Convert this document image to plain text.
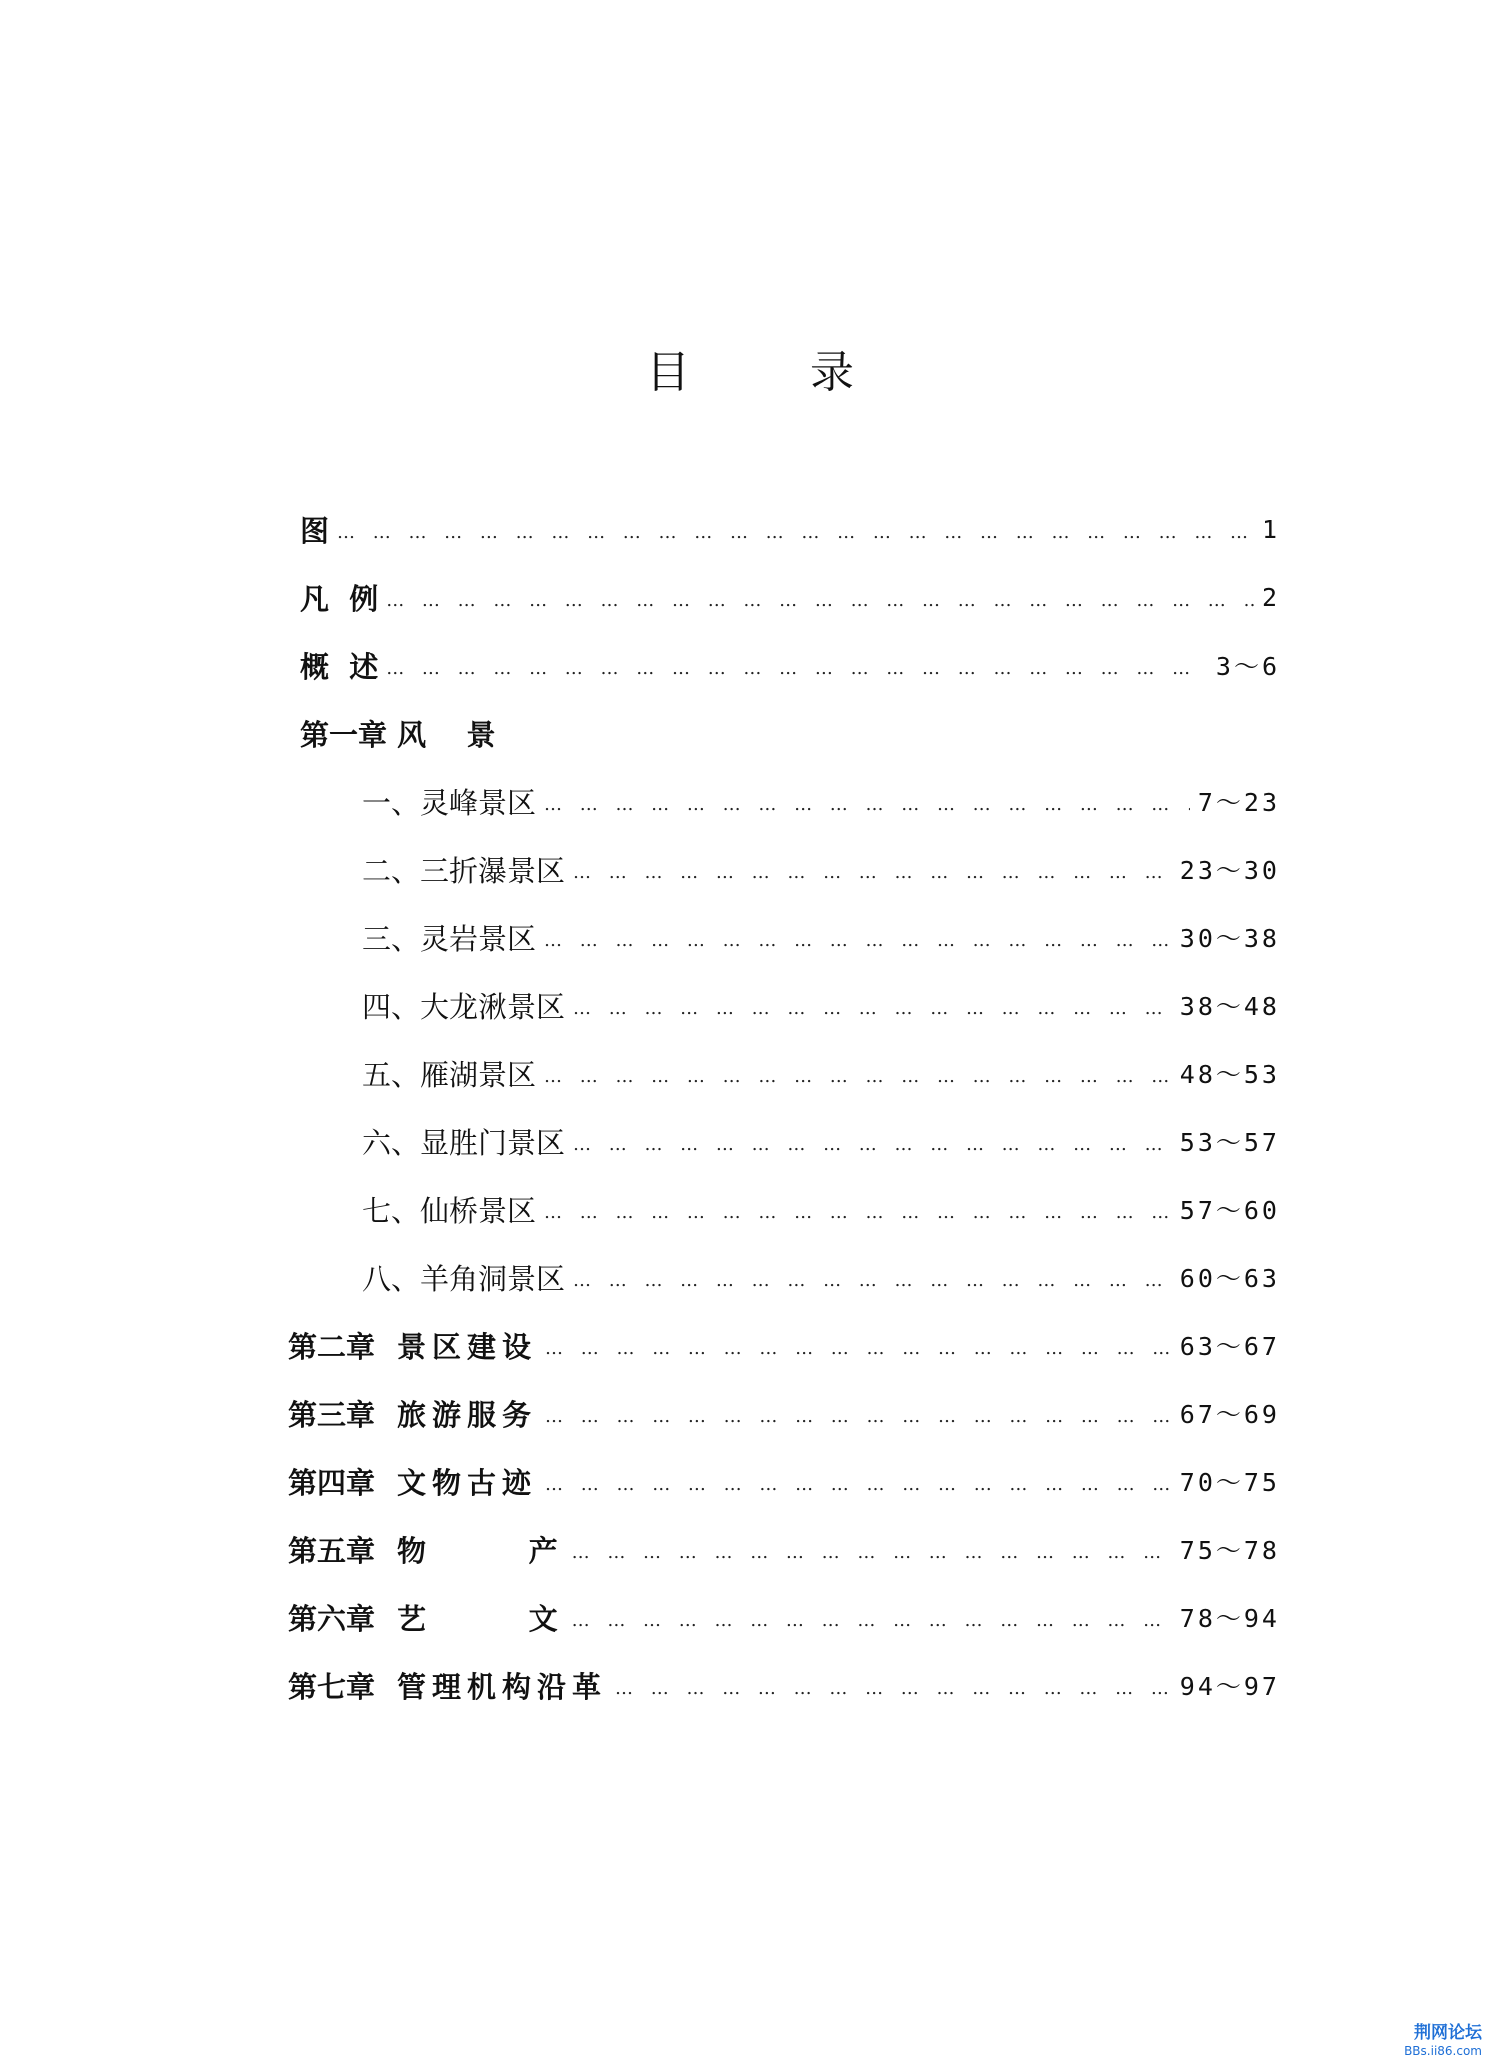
目	录
图 … … … … … … … … … … … … … … … … … … … … … … … … … … … … … … … … … … … … … … … … … … …	1
凡  例 … … … … … … … … … … … … … … … … … … … … … … … … … … … … … … … … … … … … … … … … … … …	2
概  述 … … … … … … … … … … … … … … … … … … … … … … … … … … … … … … … … … … … … … … … … … … …	3～6
第一章 风    景
一、灵峰景区 … … … … … … … … … … … … … … … … … … … … … … … … … … … … … … … … … … … … … … … … … … …	7～23
二、三折瀑景区 … … … … … … … … … … … … … … … … … … … … … … … … … … … … … … … … … … … … … … … … … … …	23～30
三、灵岩景区 … … … … … … … … … … … … … … … … … … … … … … … … … … … … … … … … … … … … … … … … … … …	30～38
四、大龙湫景区 … … … … … … … … … … … … … … … … … … … … … … … … … … … … … … … … … … … … … … … … … … …	38～48
五、雁湖景区 … … … … … … … … … … … … … … … … … … … … … … … … … … … … … … … … … … … … … … … … … … …	48～53
六、显胜门景区 … … … … … … … … … … … … … … … … … … … … … … … … … … … … … … … … … … … … … … … … … … …	53～57
七、仙桥景区 … … … … … … … … … … … … … … … … … … … … … … … … … … … … … … … … … … … … … … … … … … …	57～60
八、羊角洞景区 … … … … … … … … … … … … … … … … … … … … … … … … … … … … … … … … … … … … … … … … … … …	60～63
第二章 景区建设 … … … … … … … … … … … … … … … … … … … … … … … … … … … … … … … … … … … … … … … … … … …	63～67
第三章 旅游服务 … … … … … … … … … … … … … … … … … … … … … … … … … … … … … … … … … … … … … … … … … … …	67～69
第四章 文物古迹 … … … … … … … … … … … … … … … … … … … … … … … … … … … … … … … … … … … … … … … … … … …	70～75
第五章 物      产 … … … … … … … … … … … … … … … … … … … … … … … … … … … … … … … … … … … … … … … … … … …	75～78
第六章 艺      文 … … … … … … … … … … … … … … … … … … … … … … … … … … … … … … … … … … … … … … … … … … …	78～94
第七章 管理机构沿革 … … … … … … … … … … … … … … … … … … … … … … … … … … … … … … … … … … … … … … … … … … …	94～97
荆网论坛
BBs.ii86.com
